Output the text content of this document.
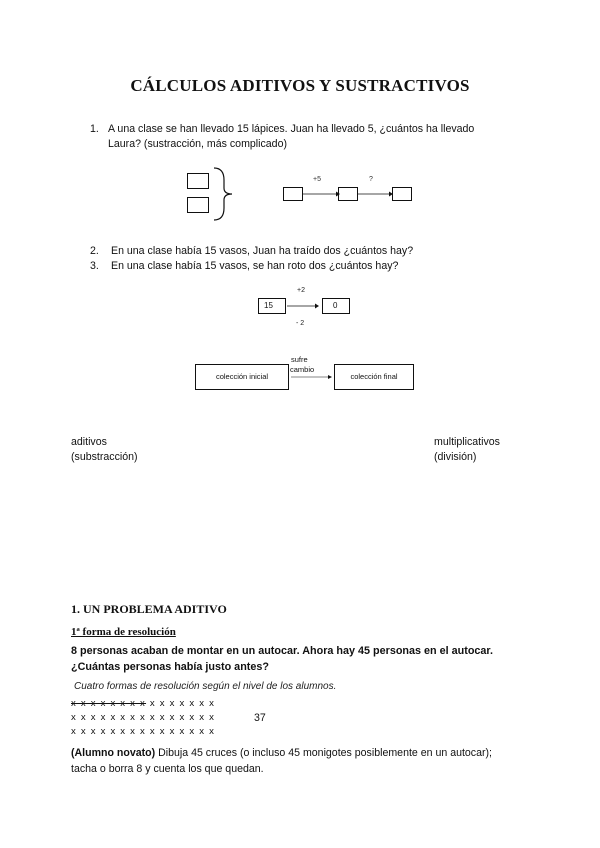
CÁLCULOS ADITIVOS Y SUSTRACTIVOS
1. A una clase se han llevado 15 lápices. Juan ha llevado 5, ¿cuántos ha llevado
Laura? (sustracción, más complicado)
+5	?
2. En una clase había 15 vasos, Juan ha traído dos ¿cuántos hay?
3. En una clase había 15 vasos, se han roto dos ¿cuántos hay?
+2
15	0
- 2
sufre
cambio
colección inicial	colección final
aditivos
(substracción)
multiplicativos
(división)
1. UN PROBLEMA ADITIVO
1ª forma de resolución
8 personas acaban de montar en un autocar. Ahora hay 45 personas en el autocar.
¿Cuántas personas había justo antes?
Cuatro formas de resolución según el nivel de los alumnos.
x x x x x x x x x x x x x x x
x x x x x x x x x x x x x x x
x x x x x x x x x x x x x x x
37
(Alumno novato) Dibuja 45 cruces (o incluso 45 monigotes posiblemente en un autocar);
tacha o borra 8 y cuenta los que quedan.
